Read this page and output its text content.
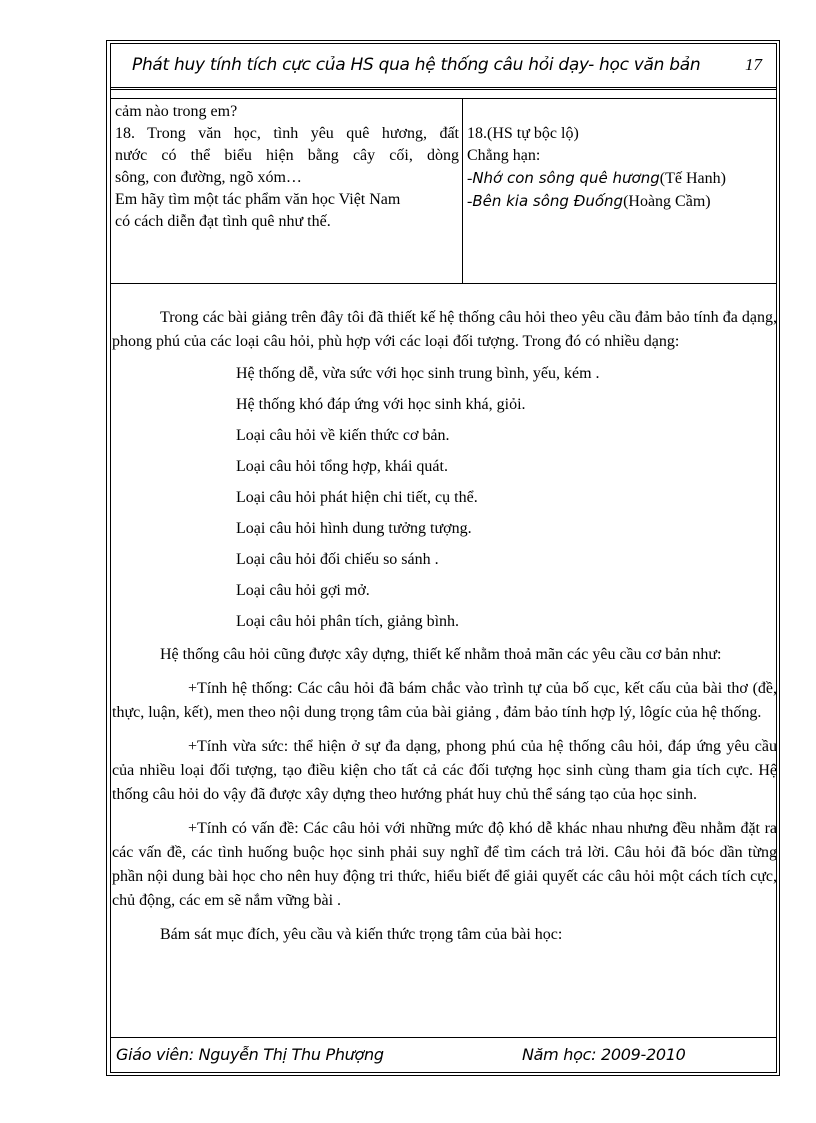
Phát huy tính tích cực của HS qua hệ thống câu hỏi dạy- học văn bản	17
cảm nào trong em?
18. Trong văn học, tình yêu quê hương, đất
nước có thể biểu hiện bằng cây cối, dòng
sông, con đường, ngõ xóm…
Em hãy tìm một tác phẩm văn học Việt Nam
có cách diễn đạt tình quê như thế.
18.(HS tự bộc lộ)
Chẳng hạn:
-Nhớ con sông quê hương(Tế Hanh)
-Bên kia sông Đuống(Hoàng Cầm)

Trong các bài giảng trên đây tôi đã thiết kế hệ thống câu hỏi theo yêu cầu đảm bảo tính đa dạng, phong phú của các loại câu hỏi, phù hợp với các loại đối tượng. Trong đó có nhiều dạng:

Hệ thống dễ, vừa sức với học sinh trung bình, yếu, kém .
Hệ thống khó đáp ứng với học sinh khá, giỏi.
Loại câu hỏi về kiến thức cơ bản.
Loại câu hỏi tổng hợp, khái quát.
Loại câu hỏi phát hiện chi tiết, cụ thể.
Loại câu hỏi hình dung tưởng tượng.
Loại câu hỏi đối chiếu so sánh .
Loại câu hỏi gợi mở.
Loại câu hỏi phân tích, giảng bình.

Hệ thống câu hỏi cũng được xây dựng, thiết kế nhằm thoả mãn các yêu cầu cơ bản như:

+Tính hệ thống: Các câu hỏi đã bám chắc vào trình tự của bố cục, kết cấu của bài thơ (đề, thực, luận, kết), men theo nội dung trọng tâm của bài giảng , đảm bảo tính hợp lý, lôgíc của hệ thống.

+Tính vừa sức: thể hiện ở sự đa dạng, phong phú của hệ thống câu hỏi, đáp ứng yêu cầu của nhiều loại đối tượng, tạo điều kiện cho tất cả các đối tượng học sinh cùng tham gia tích cực. Hệ thống câu hỏi do vậy đã được xây dựng theo hướng phát huy chủ thể sáng tạo của học sinh.

+Tính có vấn đề: Các câu hỏi với những mức độ khó dễ khác nhau nhưng đều nhằm đặt ra các vấn đề, các tình huống buộc học sinh phải suy nghĩ để tìm cách trả lời. Câu hỏi đã bóc dần từng phần nội dung bài học cho nên huy động tri thức, hiểu biết để giải quyết các câu hỏi một cách tích cực, chủ động, các em sẽ nắm vững bài .

Bám sát mục đích, yêu cầu và kiến thức trọng tâm của bài học:

Giáo viên: Nguyễn Thị Thu Phượng	Năm học: 2009-2010
